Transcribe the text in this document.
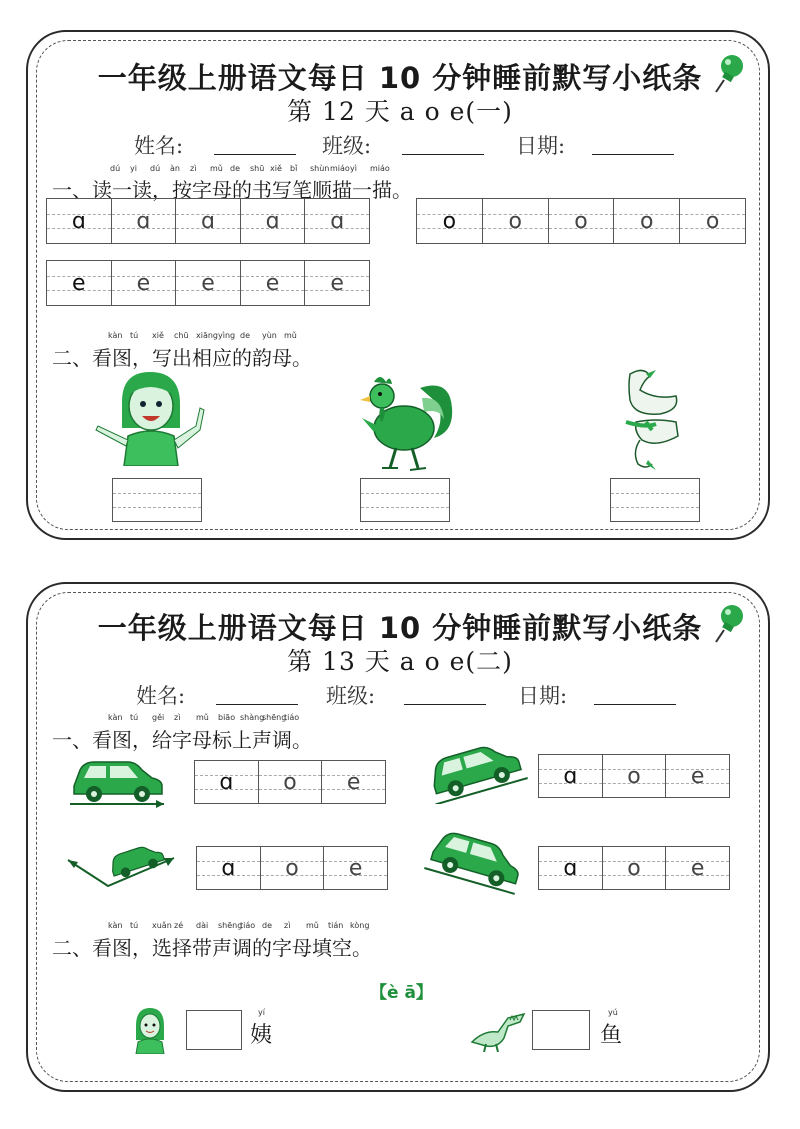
一年级上册语文每日 10 分钟睡前默写小纸条
第 12 天 a o e(一)
姓名:	班级:	日期:
dú yi dú àn zì mǔ de shū xiě bǐ shùn miáo yì miáo
一、读一读，按字母的书写笔顺描一描。
ɑ ɑ ɑ ɑ ɑ	o o o o o
e e e e e
kàn tú xiě chū xiāng yìng de yùn mǔ
二、看图，写出相应的韵母。
一年级上册语文每日 10 分钟睡前默写小纸条
第 13 天 a o e(二)
姓名:	班级:	日期:
kàn tú gěi zì mǔ biāo shàng
shēng
tiáo
一、看图，给字母标上声调。
ɑ o e	ɑ o e
ɑ o e	ɑ o e
kàn tú xuǎn zé dài shēng
tiáo de zì mǔ tián kòng
二、看图，选择带声调的字母填空。
【è ā】
yí
姨
yú
鱼
